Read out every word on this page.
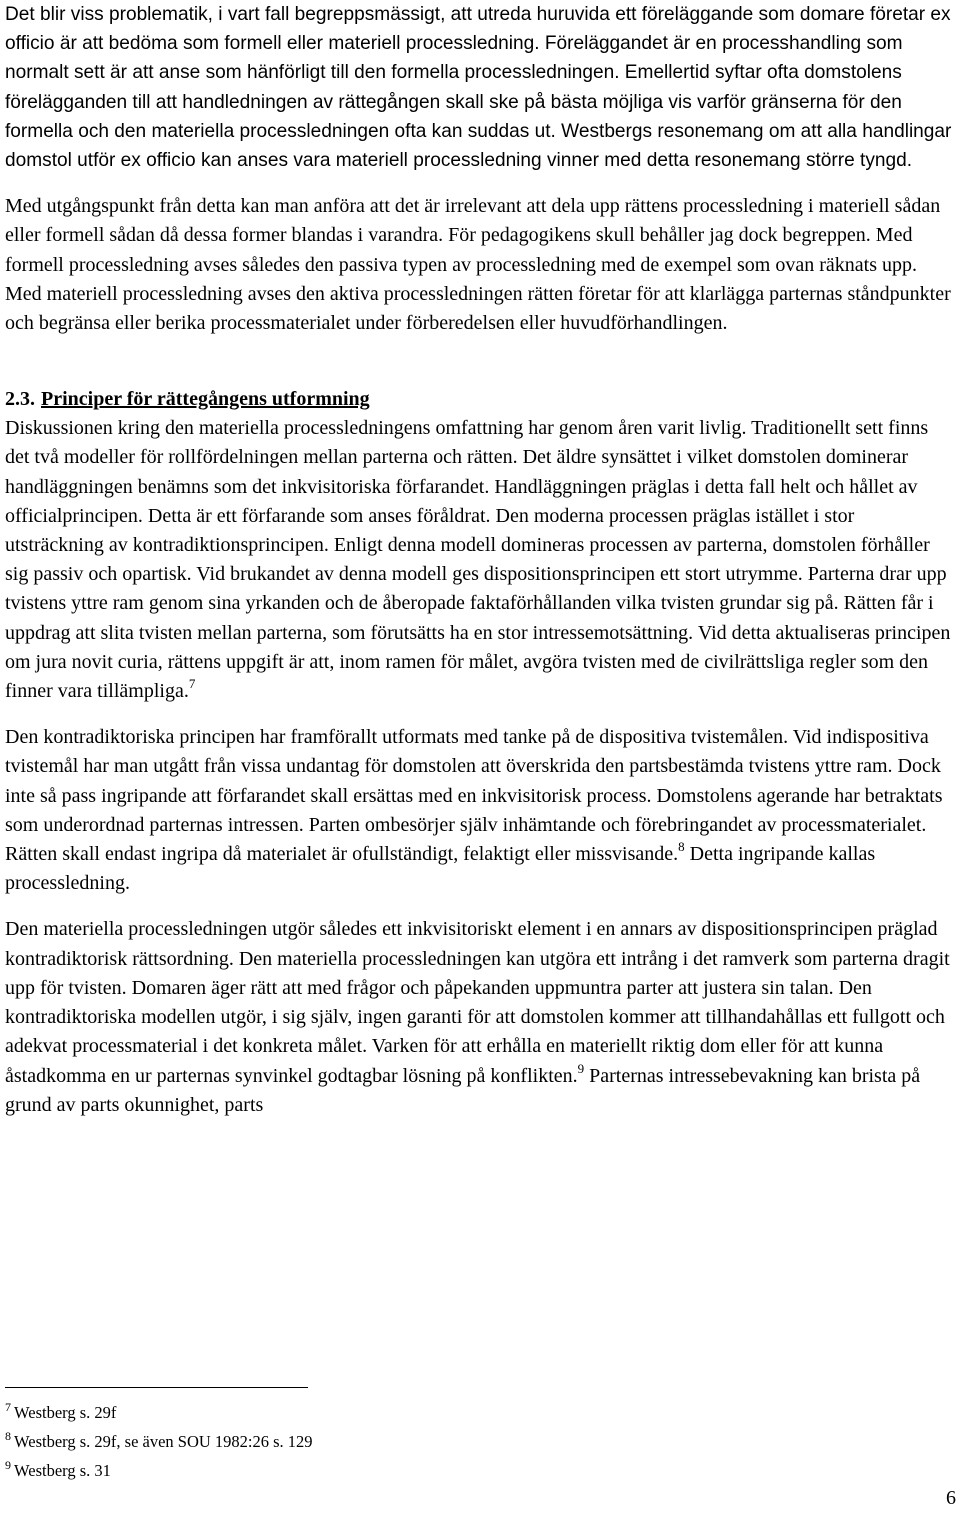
Det blir viss problematik, i vart fall begreppsmässigt, att utreda huruvida ett föreläggande som domare företar ex officio är att bedöma som formell eller materiell processledning. Föreläggandet är en processhandling som normalt sett är att anse som hänförligt till den formella processledningen. Emellertid syftar ofta domstolens förelägganden till att handledningen av rättegången skall ske på bästa möjliga vis varför gränserna för den formella och den materiella processledningen ofta kan suddas ut. Westbergs resonemang om att alla handlingar domstol utför ex officio kan anses vara materiell processledning vinner med detta resonemang större tyngd.

Med utgångspunkt från detta kan man anföra att det är irrelevant att dela upp rättens processledning i materiell sådan eller formell sådan då dessa former blandas i varandra. För pedagogikens skull behåller jag dock begreppen. Med formell processledning avses således den passiva typen av processledning med de exempel som ovan räknats upp. Med materiell processledning avses den aktiva processledningen rätten företar för att klarlägga parternas ståndpunkter och begränsa eller berika processmaterialet under förberedelsen eller huvudförhandlingen.

2.3. Principer för rättegångens utformning

Diskussionen kring den materiella processledningens omfattning har genom åren varit livlig. Traditionellt sett finns det två modeller för rollfördelningen mellan parterna och rätten. Det äldre synsättet i vilket domstolen dominerar handläggningen benämns som det inkvisitoriska förfarandet. Handläggningen präglas i detta fall helt och hållet av officialprincipen. Detta är ett förfarande som anses föråldrat. Den moderna processen präglas istället i stor utsträckning av kontradiktionsprincipen. Enligt denna modell domineras processen av parterna, domstolen förhåller sig passiv och opartisk. Vid brukandet av denna modell ges dispositionsprincipen ett stort utrymme. Parterna drar upp tvistens yttre ram genom sina yrkanden och de åberopade faktaförhållanden vilka tvisten grundar sig på. Rätten får i uppdrag att slita tvisten mellan parterna, som förutsätts ha en stor intressemotsättning. Vid detta aktualiseras principen om jura novit curia, rättens uppgift är att, inom ramen för målet, avgöra tvisten med de civilrättsliga regler som den finner vara tillämpliga.$^7$

Den kontradiktoriska principen har framförallt utformats med tanke på de dispositiva tvistemålen. Vid indispositiva tvistemål har man utgått från vissa undantag för domstolen att överskrida den partsbestämda tvistens yttre ram. Dock inte så pass ingripande att förfarandet skall ersättas med en inkvisitorisk process. Domstolens agerande har betraktats som underordnad parternas intressen. Parten ombesörjer själv inhämtande och förebringandet av processmaterialet. Rätten skall endast ingripa då materialet är ofullständigt, felaktigt eller missvisande.$^8$ Detta ingripande kallas processledning.

Den materiella processledningen utgör således ett inkvisitoriskt element i en annars av dispositionsprincipen präglad kontradiktorisk rättsordning. Den materiella processledningen kan utgöra ett intrång i det ramverk som parterna dragit upp för tvisten. Domaren äger rätt att med frågor och påpekanden uppmuntra parter att justera sin talan. Den kontradiktoriska modellen utgör, i sig själv, ingen garanti för att domstolen kommer att tillhandahållas ett fullgott och adekvat processmaterial i det konkreta målet. Varken för att erhålla en materiellt riktig dom eller för att kunna åstadkomma en ur parternas synvinkel godtagbar lösning på konflikten.$^9$ Parternas intressebevakning kan brista på grund av parts okunnighet, parts

$^7$ Westberg s. 29f

$^8$ Westberg s. 29f, se även SOU 1982:26 s. 129

$^9$ Westberg s. 31

6
